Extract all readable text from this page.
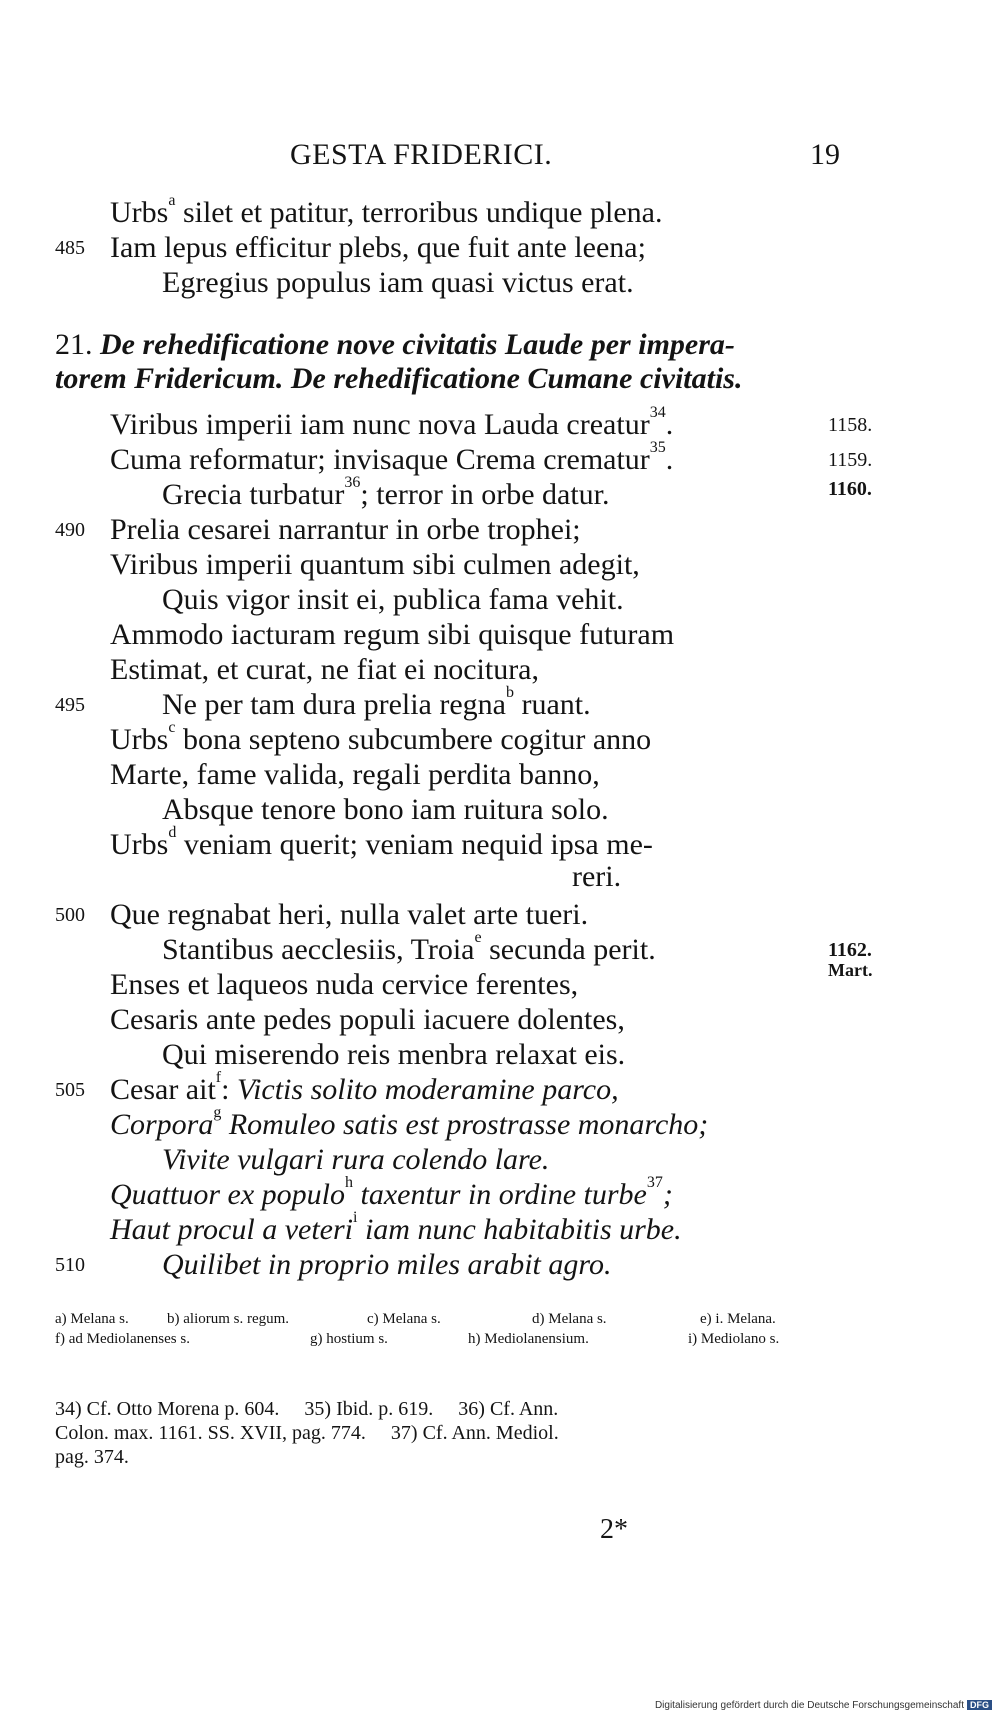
GESTA FRIDERICI.	19
Urbs$^a$ silet et patitur, terroribus undique plena.
485 Iam lepus efficitur plebs, que fuit ante leena;
Egregius populus iam quasi victus erat.
21. De rehedificatione nove civitatis Laude per impera-
torem Fridericum. De rehedificatione Cumane civitatis.
Viribus imperii iam nunc nova Lauda creatur$^{34}$.	1158.
Cuma reformatur; invisaque Crema crematur$^{35}$.	1159.
Grecia turbatur$^{36}$; terror in orbe datur.	1160.
490 Prelia cesarei narrantur in orbe trophei;
Viribus imperii quantum sibi culmen adegit,
Quis vigor insit ei, publica fama vehit.
Ammodo iacturam regum sibi quisque futuram
Estimat, et curat, ne fiat ei nocitura,
495	Ne per tam dura prelia regna$^b$ ruant.
Urbs$^c$ bona septeno subcumbere cogitur anno
Marte, fame valida, regali perdita banno,
Absque tenore bono iam ruitura solo.
Urbs$^d$ veniam querit; veniam nequid ipsa me-
reri.
500 Que regnabat heri, nulla valet arte tueri.
Stantibus aecclesiis, Troia$^e$ secunda perit.	1162.
Enses et laqueos nuda cervice ferentes,	Mart.
Cesaris ante pedes populi iacuere dolentes,
Qui miserendo reis menbra relaxat eis.
505 Cesar ait$^f$: Victis solito moderamine parco,
Corpora$^g$ Romuleo satis est prostrasse monarcho;
Vivite vulgari rura colendo lare.
Quattuor ex populo$^h$ taxentur in ordine turbe$^{37}$;
Haut procul a veteri$^i$ iam nunc habitabitis urbe.
510	Quilibet in proprio miles arabit agro.
a) Melana s.	b) aliorum s. regum.	c) Melana s.	d) Melana s.	e) i. Melana.
f) ad Mediolanenses s.	g) hostium s.	h) Mediolanensium.	i) Mediolano s.
34) Cf. Otto Morena p. 604.     35) Ibid. p. 619.     36) Cf. Ann.
Colon. max. 1161. SS. XVII, pag. 774.     37) Cf. Ann. Mediol.
pag. 374.
2*
Digitalisierung gefördert durch die Deutsche Forschungsgemeinschaft DFG
